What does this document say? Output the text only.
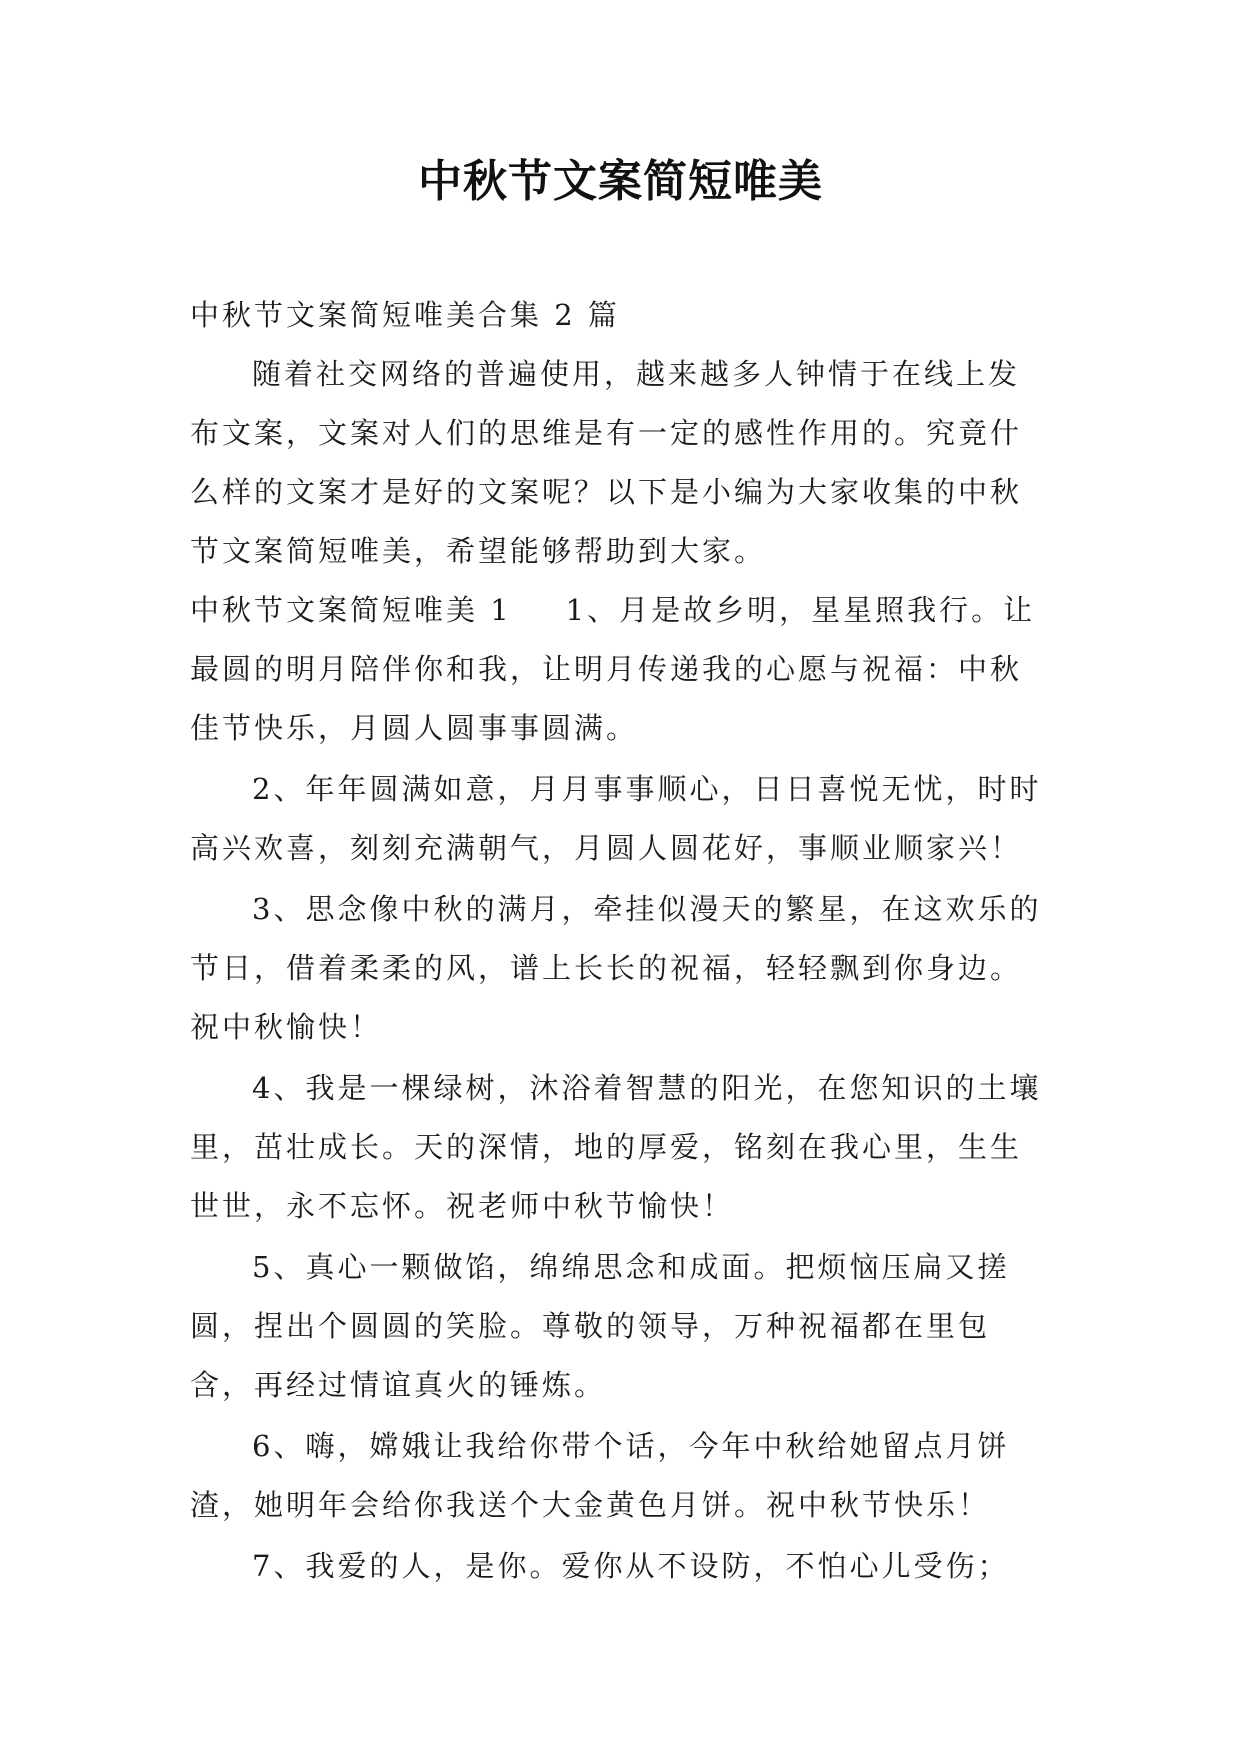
中秋节文案简短唯美

中秋节文案简短唯美合集 2 篇

随着社交网络的普遍使用，越来越多人钟情于在线上发布文案，文案对人们的思维是有一定的感性作用的。究竟什么样的文案才是好的文案呢？以下是小编为大家收集的中秋节文案简短唯美，希望能够帮助到大家。

中秋节文案简短唯美 1 1、月是故乡明，星星照我行。让最圆的明月陪伴你和我，让明月传递我的心愿与祝福：中秋佳节快乐，月圆人圆事事圆满。

2、年年圆满如意，月月事事顺心，日日喜悦无忧，时时高兴欢喜，刻刻充满朝气，月圆人圆花好，事顺业顺家兴！

3、思念像中秋的满月，牵挂似漫天的繁星，在这欢乐的节日，借着柔柔的风，谱上长长的祝福，轻轻飘到你身边。祝中秋愉快！

4、我是一棵绿树，沐浴着智慧的阳光，在您知识的土壤里，茁壮成长。天的深情，地的厚爱，铭刻在我心里，生生世世，永不忘怀。祝老师中秋节愉快！

5、真心一颗做馅，绵绵思念和成面。把烦恼压扁又搓圆，捏出个圆圆的笑脸。尊敬的领导，万种祝福都在里包含，再经过情谊真火的锤炼。

6、嗨，嫦娥让我给你带个话，今年中秋给她留点月饼渣，她明年会给你我送个大金黄色月饼。祝中秋节快乐！

7、我爱的人，是你。爱你从不设防，不怕心儿受伤；
